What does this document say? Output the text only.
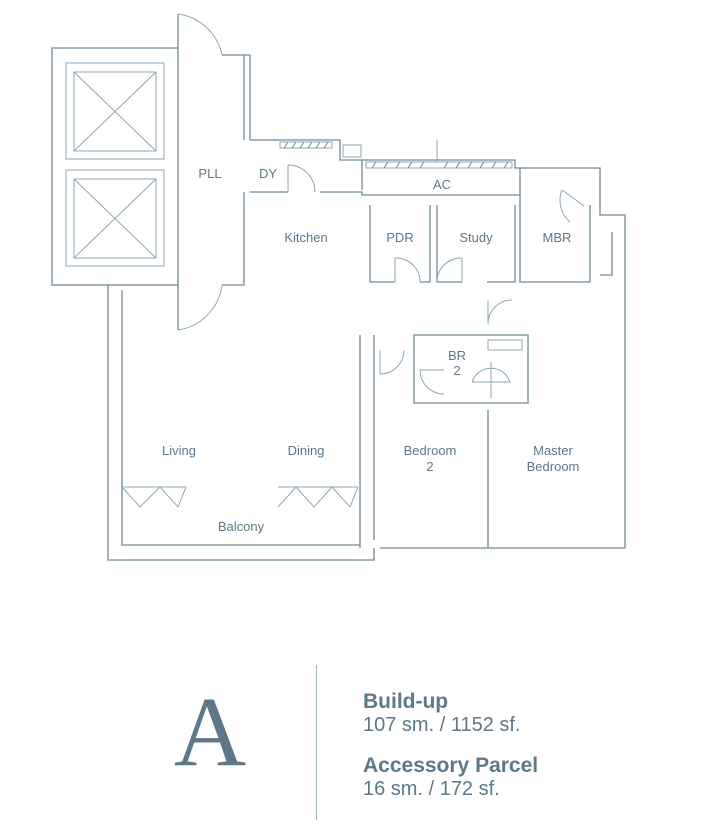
PLL	DY
AC
Kitchen	PDR	Study	MBR
BR
2
Living	Dining	Bedroom
2
Master
Bedroom
Balcony
A	Build-up
107 sm. / 1152 sf.
Accessory Parcel
16 sm. / 172 sf.
